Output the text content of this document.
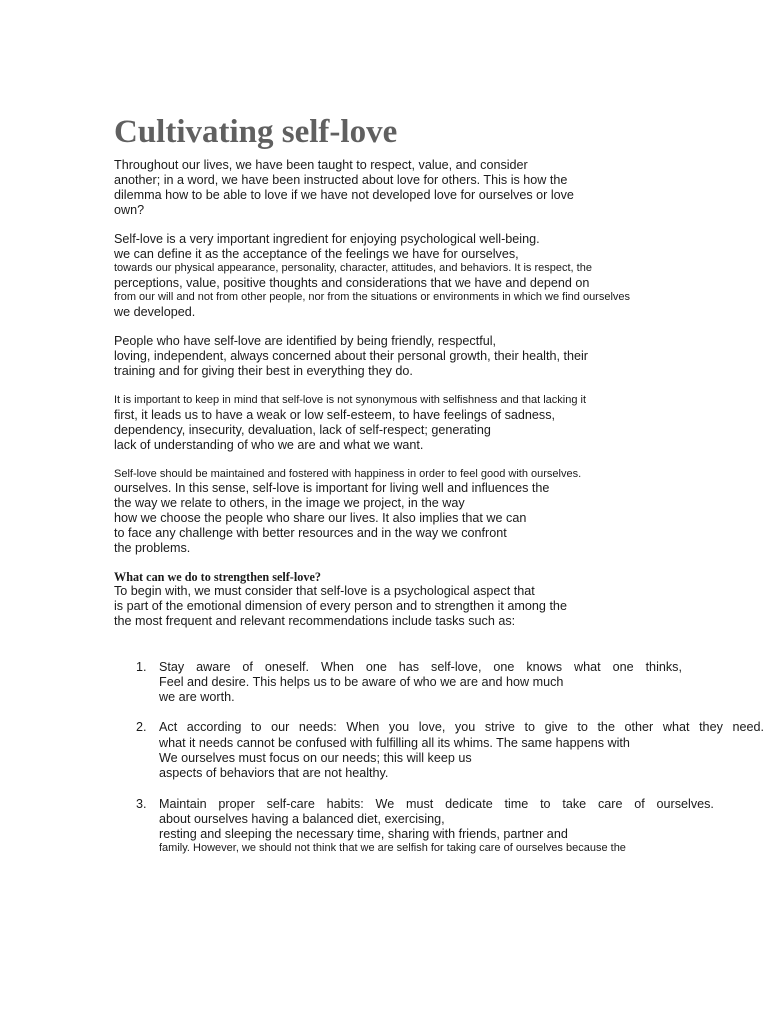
Cultivating self-love
Throughout our lives, we have been taught to respect, value, and consider
another; in a word, we have been instructed about love for others. This is how the
dilemma how to be able to love if we have not developed love for ourselves or love
own?
Self-love is a very important ingredient for enjoying psychological well-being.
we can define it as the acceptance of the feelings we have for ourselves,
towards our physical appearance, personality, character, attitudes, and behaviors. It is respect, the
perceptions, value, positive thoughts and considerations that we have and depend on
from our will and not from other people, nor from the situations or environments in which we find ourselves
we developed.
People who have self-love are identified by being friendly, respectful,
loving, independent, always concerned about their personal growth, their health, their
training and for giving their best in everything they do.
It is important to keep in mind that self-love is not synonymous with selfishness and that lacking it
first, it leads us to have a weak or low self-esteem, to have feelings of sadness,
dependency, insecurity, devaluation, lack of self-respect; generating
lack of understanding of who we are and what we want.
Self-love should be maintained and fostered with happiness in order to feel good with ourselves.
ourselves. In this sense, self-love is important for living well and influences the
the way we relate to others, in the image we project, in the way
how we choose the people who share our lives. It also implies that we can
to face any challenge with better resources and in the way we confront
the problems.
What can we do to strengthen self-love?
To begin with, we must consider that self-love is a psychological aspect that
is part of the emotional dimension of every person and to strengthen it among the
the most frequent and relevant recommendations include tasks such as:
1. Stay aware of oneself. When one has self-love, one knows what one thinks,
Feel and desire. This helps us to be aware of who we are and how much
we are worth.
2. Act according to our needs: When you love, you strive to give to the other what they need.
what it needs cannot be confused with fulfilling all its whims. The same happens with
We ourselves must focus on our needs; this will keep us
aspects of behaviors that are not healthy.
3. Maintain proper self-care habits: We must dedicate time to take care of ourselves.
about ourselves having a balanced diet, exercising,
resting and sleeping the necessary time, sharing with friends, partner and
family. However, we should not think that we are selfish for taking care of ourselves because the
